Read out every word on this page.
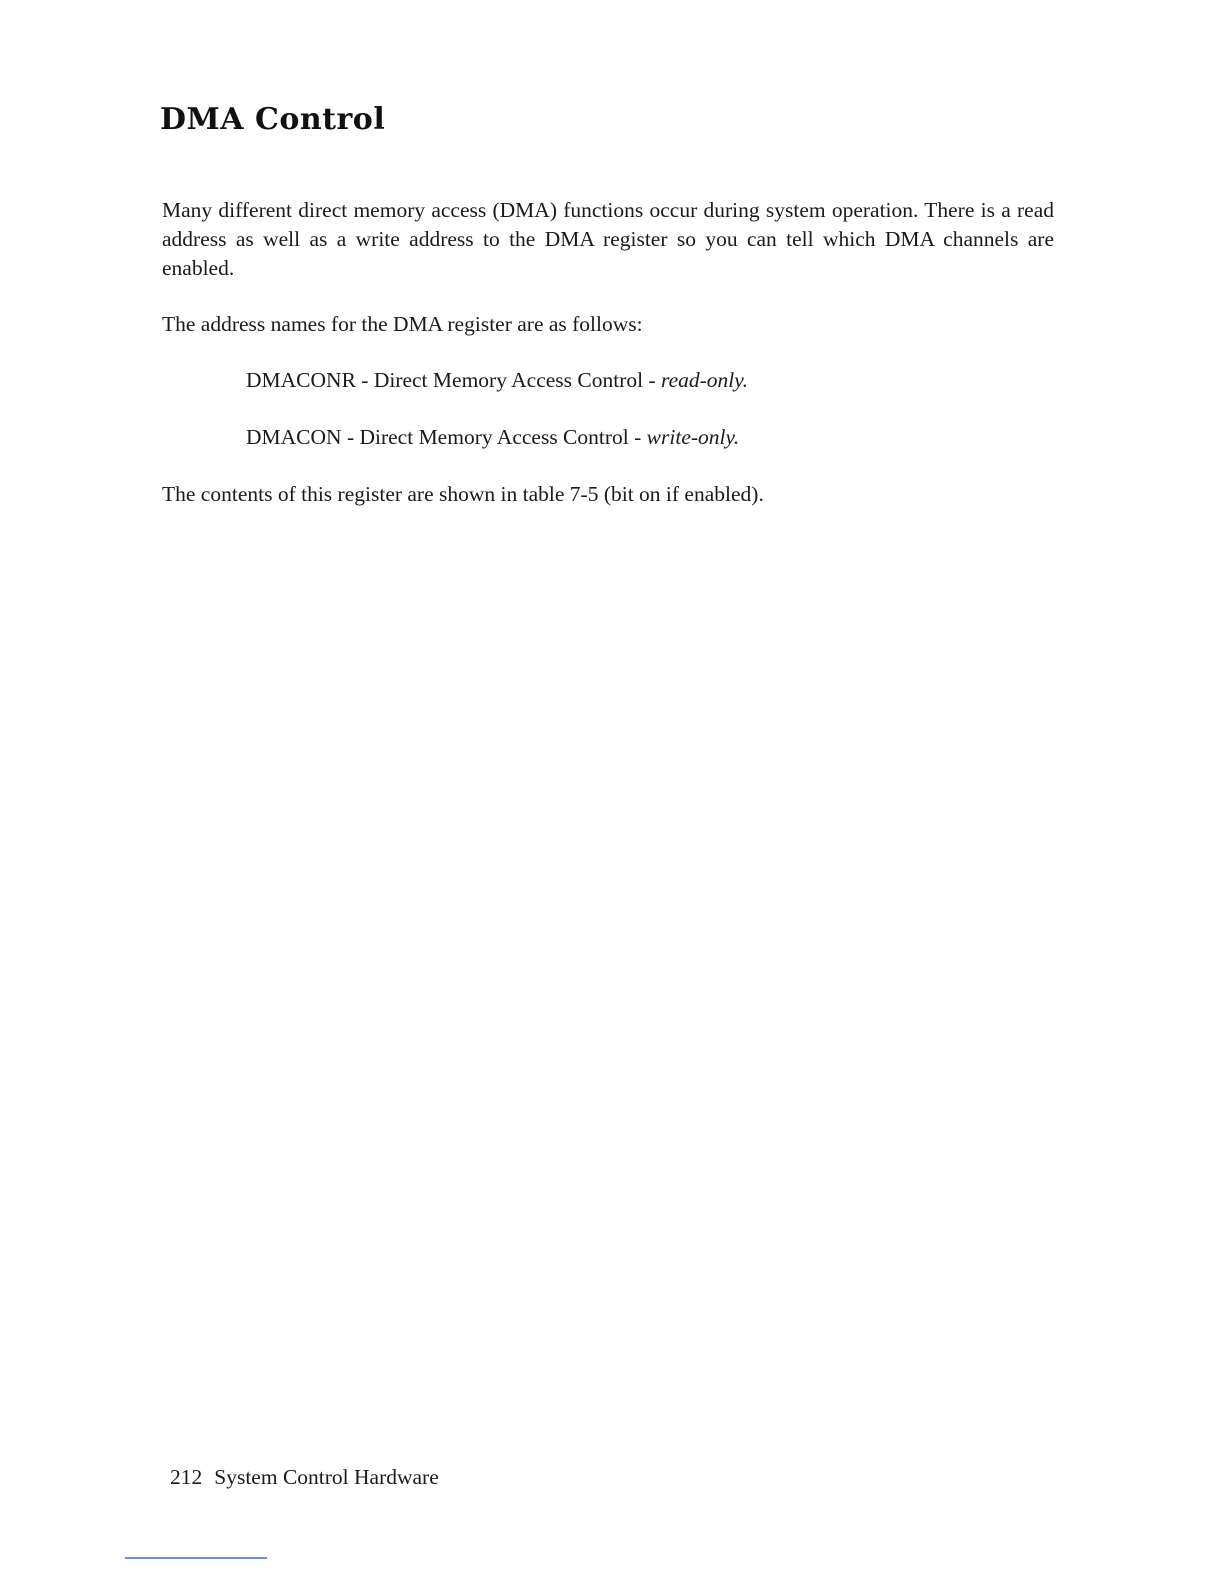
DMA Control

Many different direct memory access (DMA) functions occur during system operation. There is a read address as well as a write address to the DMA register so you can tell which DMA channels are enabled.

The address names for the DMA register are as follows:

DMACONR - Direct Memory Access Control - read-only.

DMACON - Direct Memory Access Control - write-only.

The contents of this register are shown in table 7-5 (bit on if enabled).

212 System Control Hardware
